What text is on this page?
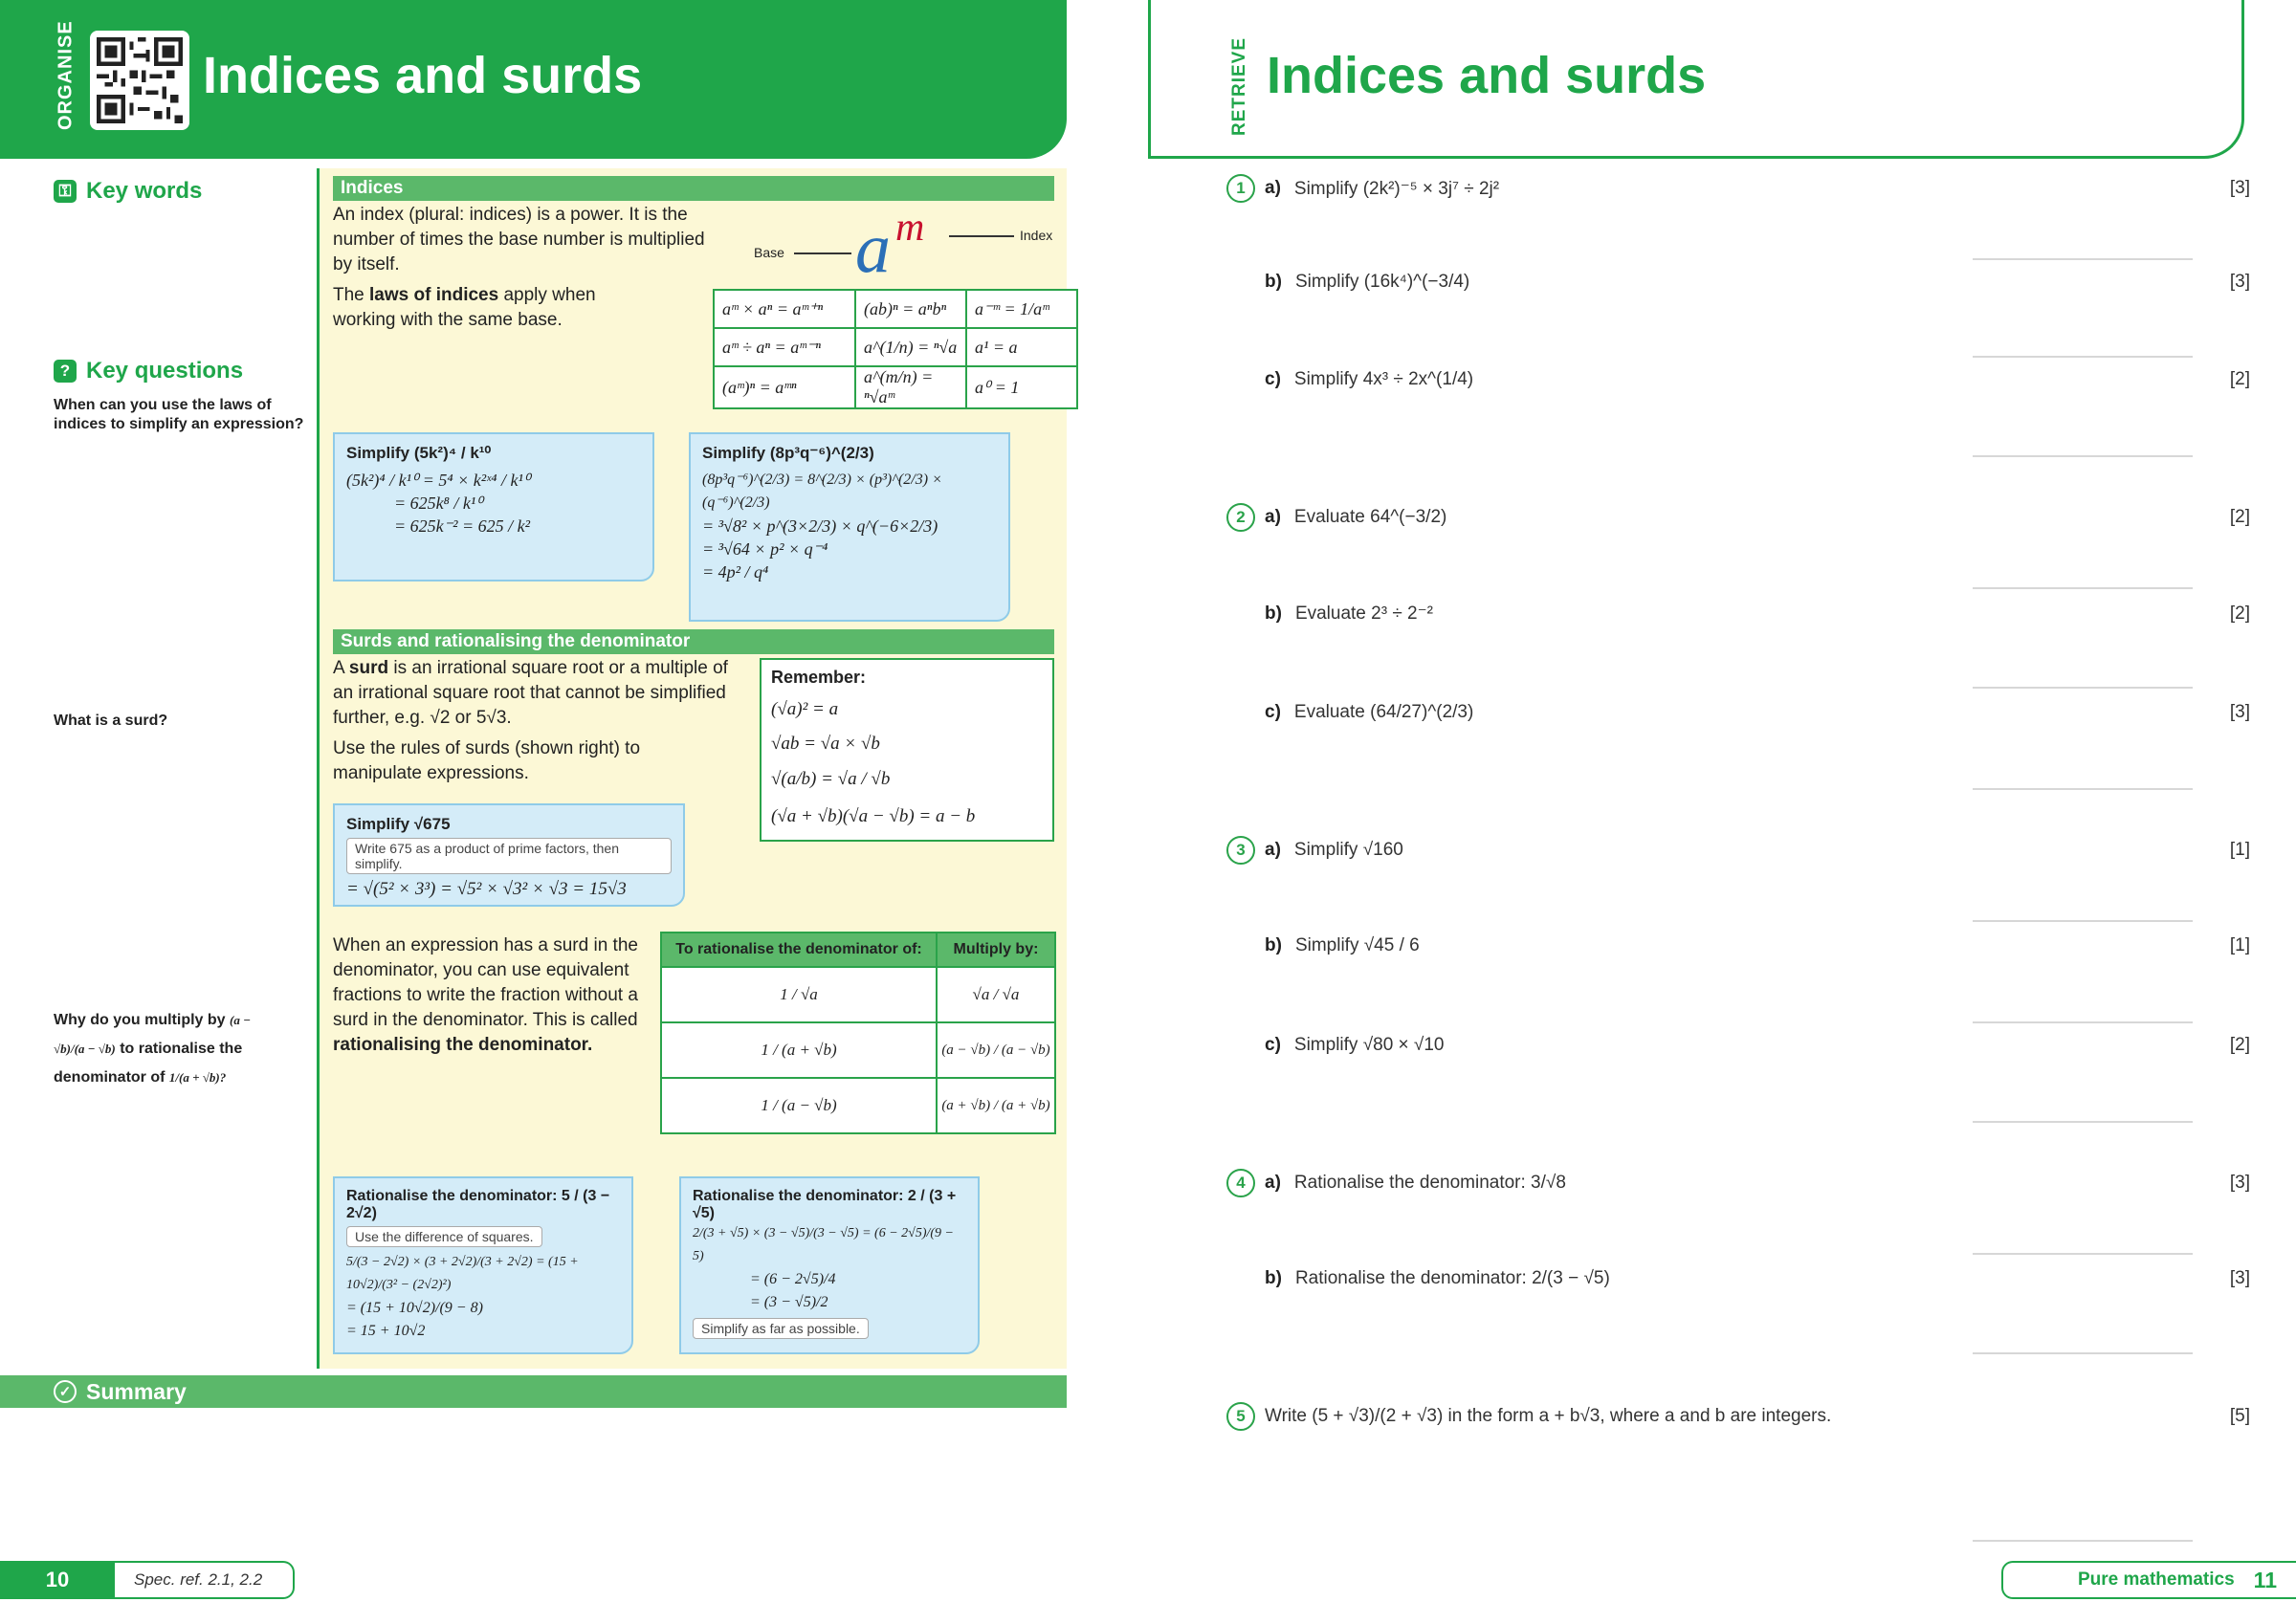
ORGANISE Indices and surds
⚿ Key words
? Key questions
When can you use the laws of indices to simplify an expression?
What is a surd?
Why do you multiply by (a − √b)/(a − √b) to rationalise the denominator of 1/(a + √b)?
Indices
An index (plural: indices) is a power. It is the number of times the base number is multiplied by itself.
The laws of indices apply when working with the same base.
Base a m	Index
aᵐ × aⁿ = aᵐ⁺ⁿ	(ab)ⁿ = aⁿbⁿ	a⁻ᵐ = 1/aᵐ
aᵐ ÷ aⁿ = aᵐ⁻ⁿ	a^(1/n) = ⁿ√a	a¹ = a
(aᵐ)ⁿ = aᵐⁿ	a^(m/n) = ⁿ√aᵐ	a⁰ = 1
Simplify (5k²)⁴ / k¹⁰
(5k²)⁴ / k¹⁰ = 5⁴ × k²ˣ⁴ / k¹⁰
= 625k⁸ / k¹⁰
= 625k⁻² = 625 / k²
Simplify (8p³q⁻⁶)^(2/3)
(8p³q⁻⁶)^(2/3) = 8^(2/3) × (p³)^(2/3) × (q⁻⁶)^(2/3)
= ³√8² × p^(3×2/3) × q^(−6×2/3)
= ³√64 × p² × q⁻⁴
= 4p² / q⁴
Surds and rationalising the denominator
A surd is an irrational square root or a multiple of an irrational square root that cannot be simplified further, e.g. √2 or 5√3.
Use the rules of surds (shown right) to manipulate expressions.
Remember:
(√a)² = a
√ab = √a × √b
√(a/b) = √a / √b
(√a + √b)(√a − √b) = a − b
Simplify √675
Write 675 as a product of prime factors, then simplify.
= √(5² × 3³) = √5² × √3² × √3 = 15√3
When an expression has a surd in the denominator, you can use equivalent fractions to write the fraction without a surd in the denominator. This is called rationalising the denominator.
To rationalise the denominator of:	Multiply by:
1 / √a	√a / √a
1 / (a + √b)	(a − √b) / (a − √b)
1 / (a − √b)	(a + √b) / (a + √b)
Rationalise the denominator: 5 / (3 − 2√2)
Use the difference of squares.
5/(3 − 2√2) × (3 + 2√2)/(3 + 2√2) = (15 + 10√2)/(3² − (2√2)²)
= (15 + 10√2)/(9 − 8)
= 15 + 10√2
Rationalise the denominator: 2 / (3 + √5)
2/(3 + √5) × (3 − √5)/(3 − √5) = (6 − 2√5)/(9 − 5)
= (6 − 2√5)/4
= (3 − √5)/2
Simplify as far as possible.
✓ Summary
10	Spec. ref. 2.1, 2.2
RETRIEVE Indices and surds
1	a) Simplify (2k²)⁻⁵ × 3j⁷ ÷ 2j²	[3]
b) Simplify (16k⁴)^(−3/4)	[3]
c) Simplify 4x³ ÷ 2x^(1/4)	[2]
2	a) Evaluate 64^(−3/2)	[2]
b) Evaluate 2³ ÷ 2⁻²	[2]
c) Evaluate (64/27)^(2/3)	[3]
3	a) Simplify √160	[1]
b) Simplify √45 / 6	[1]
c) Simplify √80 × √10	[2]
4	a) Rationalise the denominator: 3/√8	[3]
b) Rationalise the denominator: 2/(3 − √5)	[3]
5	Write (5 + √3)/(2 + √3) in the form a + b√3, where a and b are integers.	[5]
Pure mathematics 11
